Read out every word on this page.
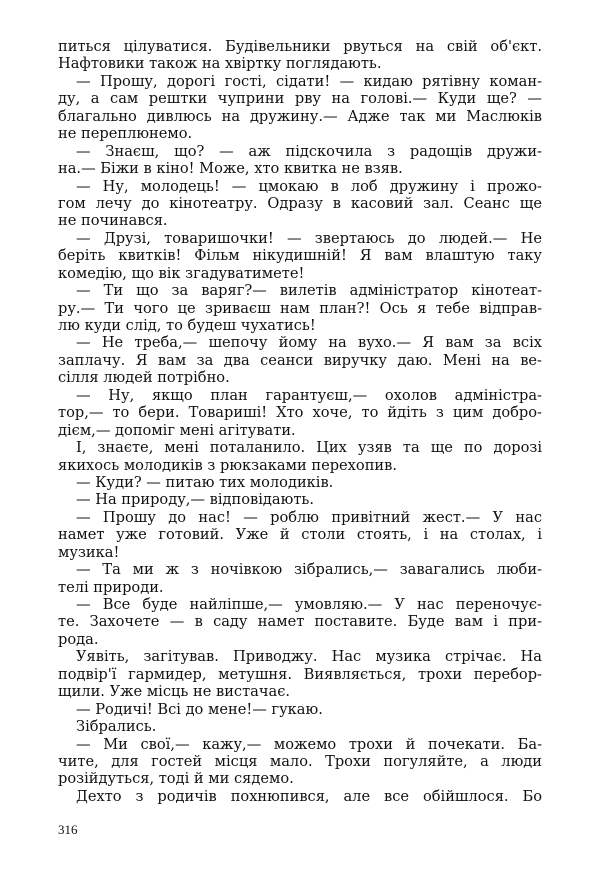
питься цілуватися. Будівельники рвуться на свій об'єкт.
Нафтовики також на хвіртку поглядають.
— Прошу, дорогі гості, сідати! — кидаю рятівну коман-
ду, а сам рештки чуприни рву на голові.— Куди ще? —
благально дивлюсь на дружину.— Адже так ми Маслюків
не переплюнемо.
— Знаєш, що? — аж підскочила з радощів дружи-
на.— Біжи в кіно! Може, хто квитка не взяв.
— Ну, молодець! — цмокаю в лоб дружину і прожо-
гом лечу до кінотеатру. Одразу в касовий зал. Сеанс ще
не починався.
— Друзі, товаришочки! — звертаюсь до людей.— Не
беріть квитків! Фільм нікудишній! Я вам влаштую таку
комедію, що вік згадуватимете!
— Ти що за варяг?— вилетів адміністратор кінотеат-
ру.— Ти чого це зриваєш нам план?! Ось я тебе відправ-
лю куди слід, то будеш чухатись!
— Не треба,— шепочу йому на вухо.— Я вам за всіх
заплачу. Я вам за два сеанси виручку даю. Мені на ве-
сілля людей потрібно.
— Ну, якщо план гарантуєш,— охолов адміністра-
тор,— то бери. Товариші! Хто хоче, то йдіть з цим добро-
дієм,— допоміг мені агітувати.
І, знаєте, мені поталанило. Цих узяв та ще по дорозі
якихось молодиків з рюкзаками перехопив.
— Куди? — питаю тих молодиків.
— На природу,— відповідають.
— Прошу до нас! — роблю привітний жест.— У нас
намет уже готовий. Уже й столи стоять, і на столах, і
музика!
— Та ми ж з ночівкою зібрались,— завагались люби-
телі природи.
— Все буде найліпше,— умовляю.— У нас переночує-
те. Захочете — в саду намет поставите. Буде вам і при-
рода.
Уявіть, загітував. Приводжу. Нас музика стрічає. На
подвір'ї гармидер, метушня. Виявляється, трохи перебор-
щили. Уже місць не вистачає.
— Родичі! Всі до мене!— гукаю.
Зібрались.
— Ми свої,— кажу,— можемо трохи й почекати. Ба-
чите, для гостей місця мало. Трохи погуляйте, а люди
розійдуться, тоді й ми сядемо.
Дехто з родичів похнюпився, але все обійшлося. Бо
316
